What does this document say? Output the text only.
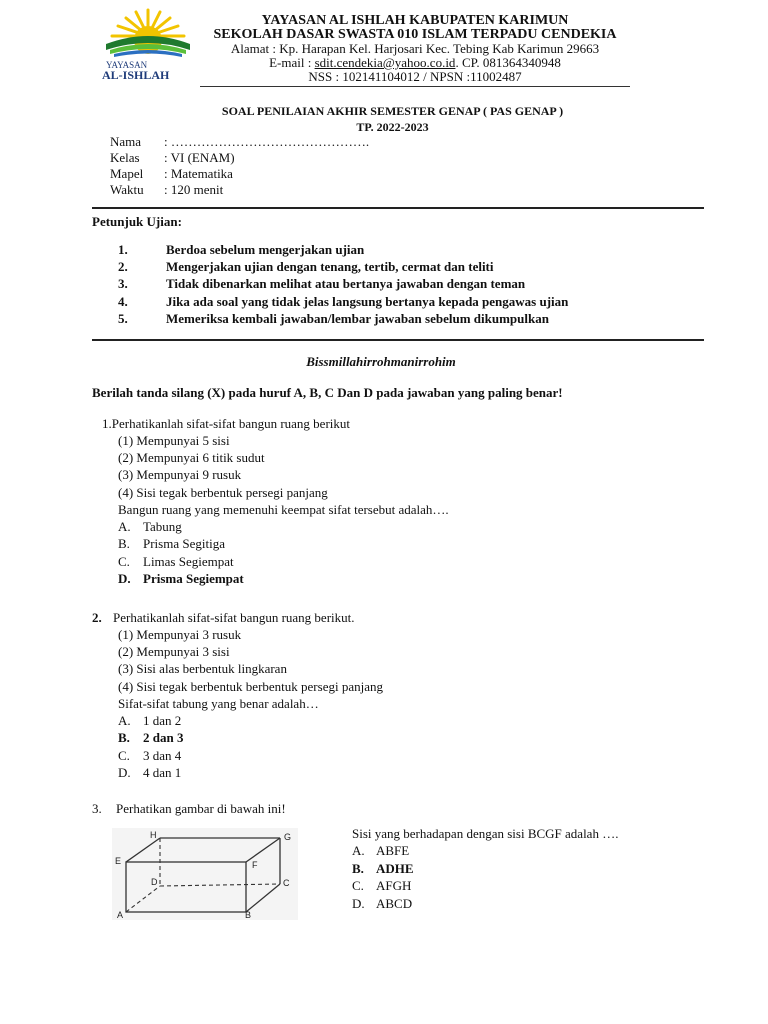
YAYASAN
AL-ISHLAH
YAYASAN AL ISHLAH KABUPATEN KARIMUN
SEKOLAH DASAR SWASTA 010 ISLAM TERPADU CENDEKIA
Alamat : Kp. Harapan Kel. Harjosari Kec. Tebing Kab Karimun 29663
E-mail : sdit.cendekia@yahoo.co.id. CP. 081364340948
NSS : 102141104012 / NPSN :11002487
SOAL PENILAIAN AKHIR SEMESTER GENAP ( PAS GENAP )
TP. 2022-2023
Nama : ……………………………………….
Kelas : VI (ENAM)
Mapel : Matematika
Waktu : 120 menit
Petunjuk Ujian:
1.	Berdoa sebelum mengerjakan ujian
2.	Mengerjakan ujian dengan tenang, tertib, cermat dan teliti
3.	Tidak dibenarkan melihat atau bertanya jawaban dengan teman
4.	Jika ada soal yang tidak jelas langsung bertanya kepada pengawas ujian
5.	Memeriksa kembali jawaban/lembar jawaban sebelum dikumpulkan
Bissmillahirrohmanirrohim
Berilah tanda silang (X) pada huruf A, B, C Dan D pada jawaban yang paling benar!
1.Perhatikanlah sifat-sifat bangun ruang berikut
(1) Mempunyai 5 sisi
(2) Mempunyai 6 titik sudut
(3) Mempunyai 9 rusuk
(4) Sisi tegak berbentuk persegi panjang
Bangun ruang yang memenuhi keempat sifat tersebut adalah….
A. Tabung
B. Prisma Segitiga
C. Limas Segiempat
D. Prisma Segiempat
2. Perhatikanlah sifat-sifat bangun ruang berikut.
(1) Mempunyai 3 rusuk
(2) Mempunyai 3 sisi
(3) Sisi alas berbentuk lingkaran
(4) Sisi tegak berbentuk berbentuk persegi panjang
Sifat-sifat tabung yang benar adalah…
A. 1 dan 2
B. 2 dan 3
C. 3 dan 4
D. 4 dan 1
3. Perhatikan gambar di bawah ini!
H	G
E	F
D	C
A	B
Sisi yang berhadapan dengan sisi BCGF adalah ….
A. ABFE
B. ADHE
C. AFGH
D. ABCD
